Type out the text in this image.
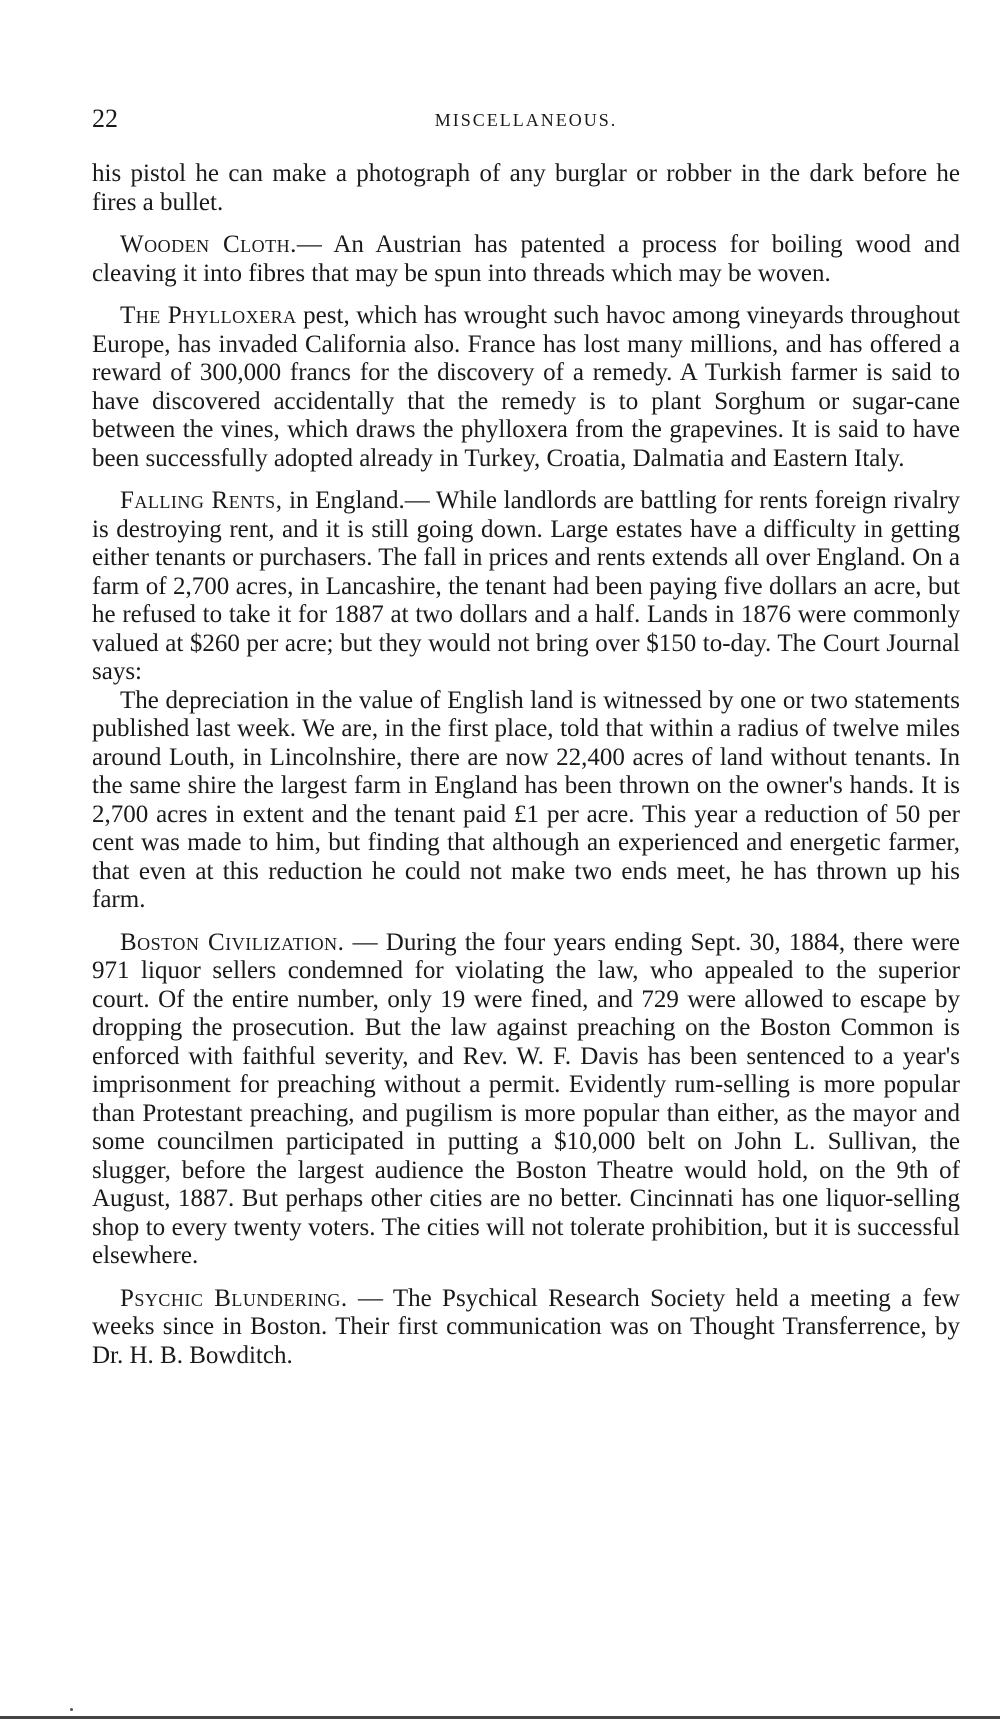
22	MISCELLANEOUS.

his pistol he can make a photograph of any burglar or robber in the dark before he fires a bullet.

Wooden Cloth.— An Austrian has patented a process for boiling wood and cleaving it into fibres that may be spun into threads which may be woven.

The Phylloxera pest, which has wrought such havoc among vineyards throughout Europe, has invaded California also. France has lost many millions, and has offered a reward of 300,000 francs for the discovery of a remedy. A Turkish farmer is said to have discovered accidentally that the remedy is to plant Sorghum or sugar-cane between the vines, which draws the phylloxera from the grapevines. It is said to have been successfully adopted already in Turkey, Croatia, Dalmatia and Eastern Italy.

Falling Rents, in England.— While landlords are battling for rents foreign rivalry is destroying rent, and it is still going down. Large estates have a difficulty in getting either tenants or purchasers. The fall in prices and rents extends all over England. On a farm of 2,700 acres, in Lancashire, the tenant had been paying five dollars an acre, but he refused to take it for 1887 at two dollars and a half. Lands in 1876 were commonly valued at $260 per acre; but they would not bring over $150 to-day. The Court Journal says:

The depreciation in the value of English land is witnessed by one or two statements published last week. We are, in the first place, told that within a radius of twelve miles around Louth, in Lincolnshire, there are now 22,400 acres of land without tenants. In the same shire the largest farm in England has been thrown on the owner's hands. It is 2,700 acres in extent and the tenant paid £1 per acre. This year a reduction of 50 per cent was made to him, but finding that although an experienced and energetic farmer, that even at this reduction he could not make two ends meet, he has thrown up his farm.

Boston Civilization. — During the four years ending Sept. 30, 1884, there were 971 liquor sellers condemned for violating the law, who appealed to the superior court. Of the entire number, only 19 were fined, and 729 were allowed to escape by dropping the prosecution. But the law against preaching on the Boston Common is enforced with faithful severity, and Rev. W. F. Davis has been sentenced to a year's imprisonment for preaching without a permit. Evidently rum-selling is more popular than Protestant preaching, and pugilism is more popular than either, as the mayor and some councilmen participated in putting a $10,000 belt on John L. Sullivan, the slugger, before the largest audience the Boston Theatre would hold, on the 9th of August, 1887. But perhaps other cities are no better. Cincinnati has one liquor-selling shop to every twenty voters. The cities will not tolerate prohibition, but it is successful elsewhere.

Psychic Blundering. — The Psychical Research Society held a meeting a few weeks since in Boston. Their first communication was on Thought Transferrence, by Dr. H. B. Bowditch.
